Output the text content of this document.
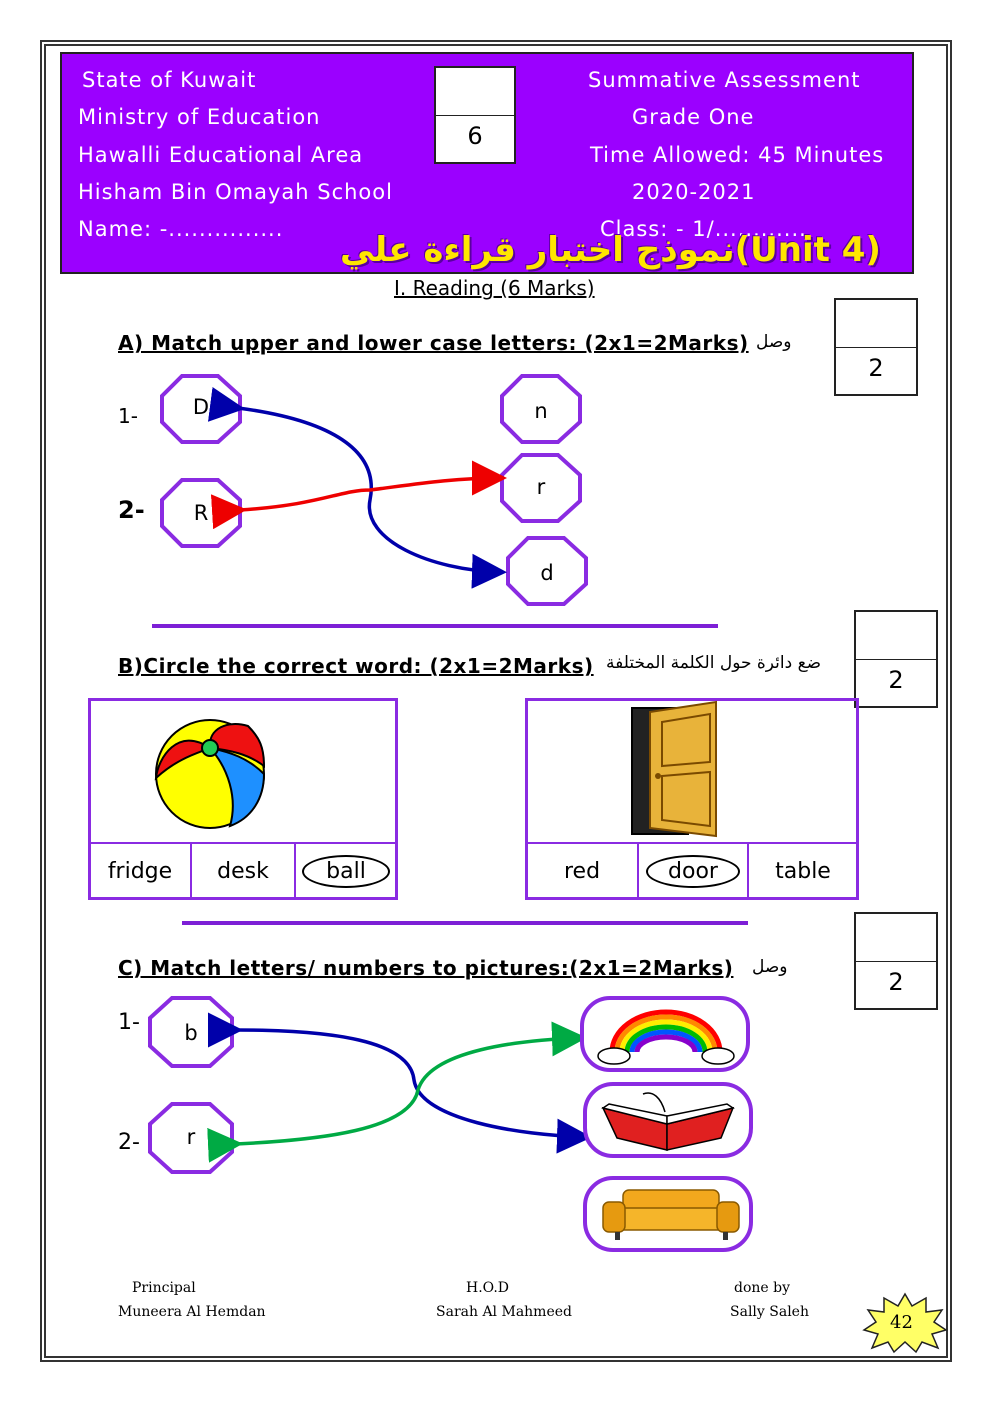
State of Kuwait
Ministry of Education
Hawalli Educational Area
Hisham Bin Omayah School
Name: -...............
Summative Assessment
Grade One
Time Allowed: 45 Minutes
2020-2021
Class: - 1/............
6
نموذج اختبار قراءة علي(Unit 4)
I. Reading (6 Marks)
A) Match upper and lower case letters: (2x1=2Marks) وصل
2
1-
2-
D
R
n
r
d
B)Circle the correct word: (2x1=2Marks) ضع دائرة حول الكلمة المختلفة
2
fridge	desk	ball	red	door	table
C) Match letters/ numbers to pictures:(2x1=2Marks) وصل
2
1-
2-
b
r
Principal	H.O.D	done by
Muneera Al Hemdan	Sarah Al Mahmeed	Sally Saleh	42
